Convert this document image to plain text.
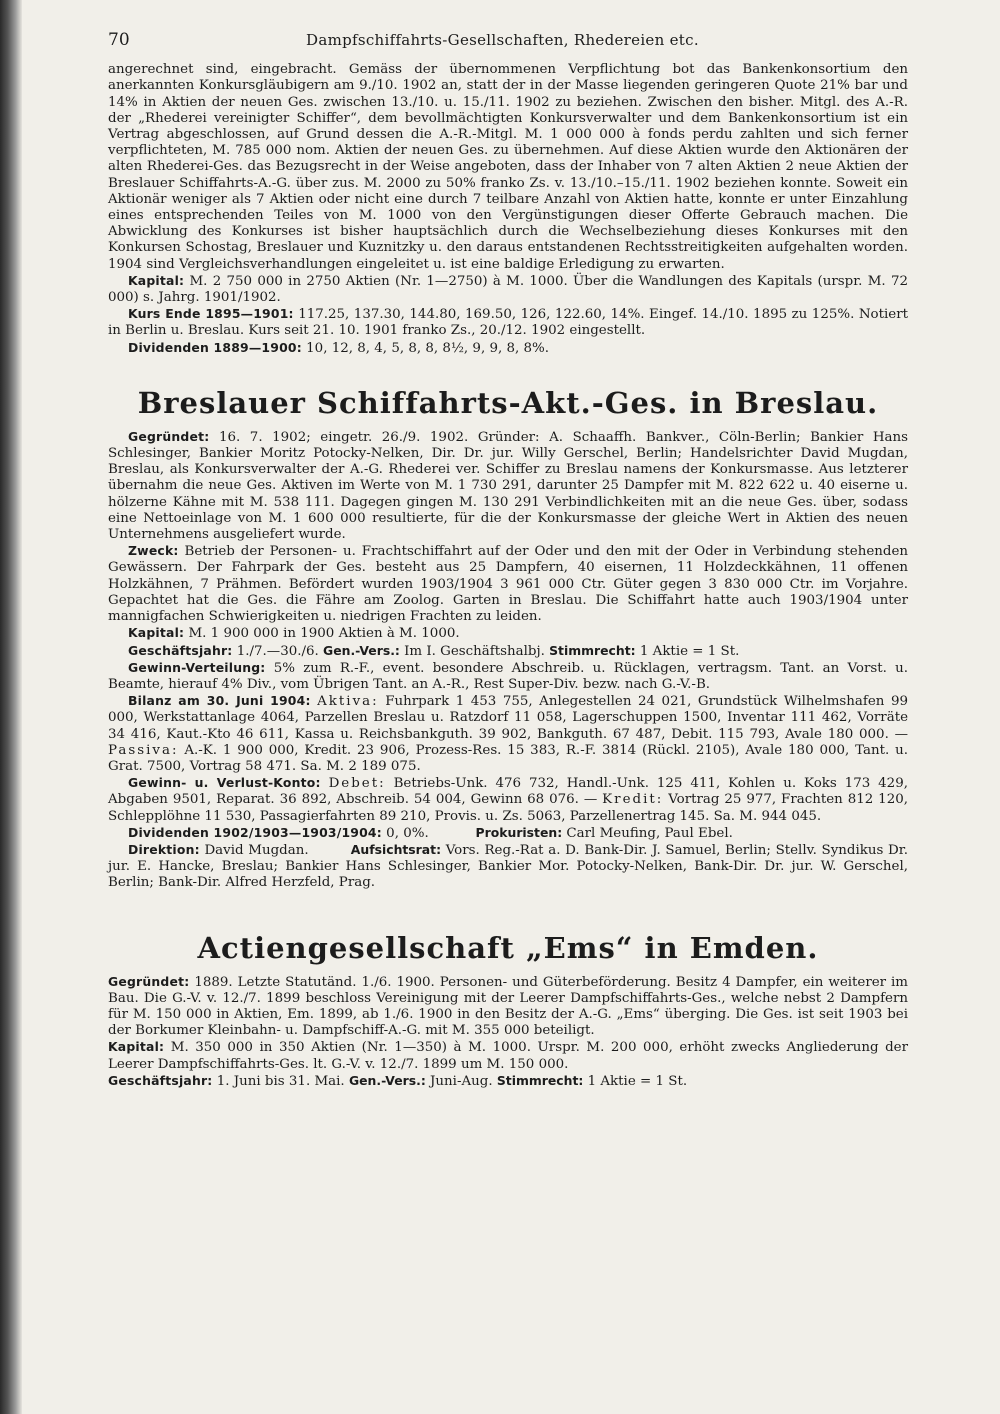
70	Dampfschiffahrts-Gesellschaften, Rhedereien etc.

angerechnet sind, eingebracht. Gemäss der übernommenen Verpflichtung bot das Bankenkonsortium den anerkannten Konkursgläubigern am 9./10. 1902 an, statt der in der Masse liegenden geringeren Quote 21% bar und 14% in Aktien der neuen Ges. zwischen 13./10. u. 15./11. 1902 zu beziehen. Zwischen den bisher. Mitgl. des A.-R. der „Rhederei vereinigter Schiffer“, dem bevollmächtigten Konkursverwalter und dem Bankenkonsortium ist ein Vertrag abgeschlossen, auf Grund dessen die A.-R.-Mitgl. M. 1 000 000 à fonds perdu zahlten und sich ferner verpflichteten, M. 785 000 nom. Aktien der neuen Ges. zu übernehmen. Auf diese Aktien wurde den Aktionären der alten Rhederei-Ges. das Bezugsrecht in der Weise angeboten, dass der Inhaber von 7 alten Aktien 2 neue Aktien der Breslauer Schiffahrts-A.-G. über zus. M. 2000 zu 50% franko Zs. v. 13./10.–15./11. 1902 beziehen konnte. Soweit ein Aktionär weniger als 7 Aktien oder nicht eine durch 7 teilbare Anzahl von Aktien hatte, konnte er unter Einzahlung eines entsprechenden Teiles von M. 1000 von den Vergünstigungen dieser Offerte Gebrauch machen. Die Abwicklung des Konkurses ist bisher hauptsächlich durch die Wechselbeziehung dieses Konkurses mit den Konkursen Schostag, Breslauer und Kuznitzky u. den daraus entstandenen Rechtsstreitigkeiten aufgehalten worden. 1904 sind Vergleichsverhandlungen eingeleitet u. ist eine baldige Erledigung zu erwarten.

Kapital: M. 2 750 000 in 2750 Aktien (Nr. 1—2750) à M. 1000. Über die Wandlungen des Kapitals (urspr. M. 72 000) s. Jahrg. 1901/1902.

Kurs Ende 1895—1901: 117.25, 137.30, 144.80, 169.50, 126, 122.60, 14%. Eingef. 14./10. 1895 zu 125%. Notiert in Berlin u. Breslau. Kurs seit 21. 10. 1901 franko Zs., 20./12. 1902 eingestellt.

Dividenden 1889—1900: 10, 12, 8, 4, 5, 8, 8, 8½, 9, 9, 8, 8%.

Breslauer Schiffahrts-Akt.-Ges. in Breslau.

Gegründet: 16. 7. 1902; eingetr. 26./9. 1902. Gründer: A. Schaaffh. Bankver., Cöln-Berlin; Bankier Hans Schlesinger, Bankier Moritz Potocky-Nelken, Dir. Dr. jur. Willy Gerschel, Berlin; Handelsrichter David Mugdan, Breslau, als Konkursverwalter der A.-G. Rhederei ver. Schiffer zu Breslau namens der Konkursmasse. Aus letzterer übernahm die neue Ges. Aktiven im Werte von M. 1 730 291, darunter 25 Dampfer mit M. 822 622 u. 40 eiserne u. hölzerne Kähne mit M. 538 111. Dagegen gingen M. 130 291 Verbindlichkeiten mit an die neue Ges. über, sodass eine Nettoeinlage von M. 1 600 000 resultierte, für die der Konkursmasse der gleiche Wert in Aktien des neuen Unternehmens ausgeliefert wurde.

Zweck: Betrieb der Personen- u. Frachtschiffahrt auf der Oder und den mit der Oder in Verbindung stehenden Gewässern. Der Fahrpark der Ges. besteht aus 25 Dampfern, 40 eisernen, 11 Holzdeckkähnen, 11 offenen Holzkähnen, 7 Prähmen. Befördert wurden 1903/1904 3 961 000 Ctr. Güter gegen 3 830 000 Ctr. im Vorjahre. Gepachtet hat die Ges. die Fähre am Zoolog. Garten in Breslau. Die Schiffahrt hatte auch 1903/1904 unter mannigfachen Schwierigkeiten u. niedrigen Frachten zu leiden.

Kapital: M. 1 900 000 in 1900 Aktien à M. 1000.

Geschäftsjahr: 1./7.—30./6. Gen.-Vers.: Im I. Geschäftshalbj. Stimmrecht: 1 Aktie = 1 St.

Gewinn-Verteilung: 5% zum R.-F., event. besondere Abschreib. u. Rücklagen, vertragsm. Tant. an Vorst. u. Beamte, hierauf 4% Div., vom Übrigen Tant. an A.-R., Rest Super-Div. bezw. nach G.-V.-B.

Bilanz am 30. Juni 1904: Aktiva: Fuhrpark 1 453 755, Anlegestellen 24 021, Grundstück Wilhelmshafen 99 000, Werkstattanlage 4064, Parzellen Breslau u. Ratzdorf 11 058, Lagerschuppen 1500, Inventar 111 462, Vorräte 34 416, Kaut.-Kto 46 611, Kassa u. Reichsbankguth. 39 902, Bankguth. 67 487, Debit. 115 793, Avale 180 000. — Passiva: A.-K. 1 900 000, Kredit. 23 906, Prozess-Res. 15 383, R.-F. 3814 (Rückl. 2105), Avale 180 000, Tant. u. Grat. 7500, Vortrag 58 471. Sa. M. 2 189 075.

Gewinn- u. Verlust-Konto: Debet: Betriebs-Unk. 476 732, Handl.-Unk. 125 411, Kohlen u. Koks 173 429, Abgaben 9501, Reparat. 36 892, Abschreib. 54 004, Gewinn 68 076. — Kredit: Vortrag 25 977, Frachten 812 120, Schlepplöhne 11 530, Passagierfahrten 89 210, Provis. u. Zs. 5063, Parzellenertrag 145. Sa. M. 944 045.

Dividenden 1902/1903—1903/1904: 0, 0%.	Prokuristen: Carl Meufing, Paul Ebel.

Direktion: David Mugdan.	Aufsichtsrat: Vors. Reg.-Rat a. D. Bank-Dir. J. Samuel, Berlin; Stellv. Syndikus Dr. jur. E. Hancke, Breslau; Bankier Hans Schlesinger, Bankier Mor. Potocky-Nelken, Bank-Dir. Dr. jur. W. Gerschel, Berlin; Bank-Dir. Alfred Herzfeld, Prag.

Actiengesellschaft „Ems“ in Emden.

Gegründet: 1889. Letzte Statutänd. 1./6. 1900. Personen- und Güterbeförderung. Besitz 4 Dampfer, ein weiterer im Bau. Die G.-V. v. 12./7. 1899 beschloss Vereinigung mit der Leerer Dampfschiffahrts-Ges., welche nebst 2 Dampfern für M. 150 000 in Aktien, Em. 1899, ab 1./6. 1900 in den Besitz der A.-G. „Ems“ überging. Die Ges. ist seit 1903 bei der Borkumer Kleinbahn- u. Dampfschiff-A.-G. mit M. 355 000 beteiligt.

Kapital: M. 350 000 in 350 Aktien (Nr. 1—350) à M. 1000. Urspr. M. 200 000, erhöht zwecks Angliederung der Leerer Dampfschiffahrts-Ges. lt. G.-V. v. 12./7. 1899 um M. 150 000.

Geschäftsjahr: 1. Juni bis 31. Mai. Gen.-Vers.: Juni-Aug. Stimmrecht: 1 Aktie = 1 St.
